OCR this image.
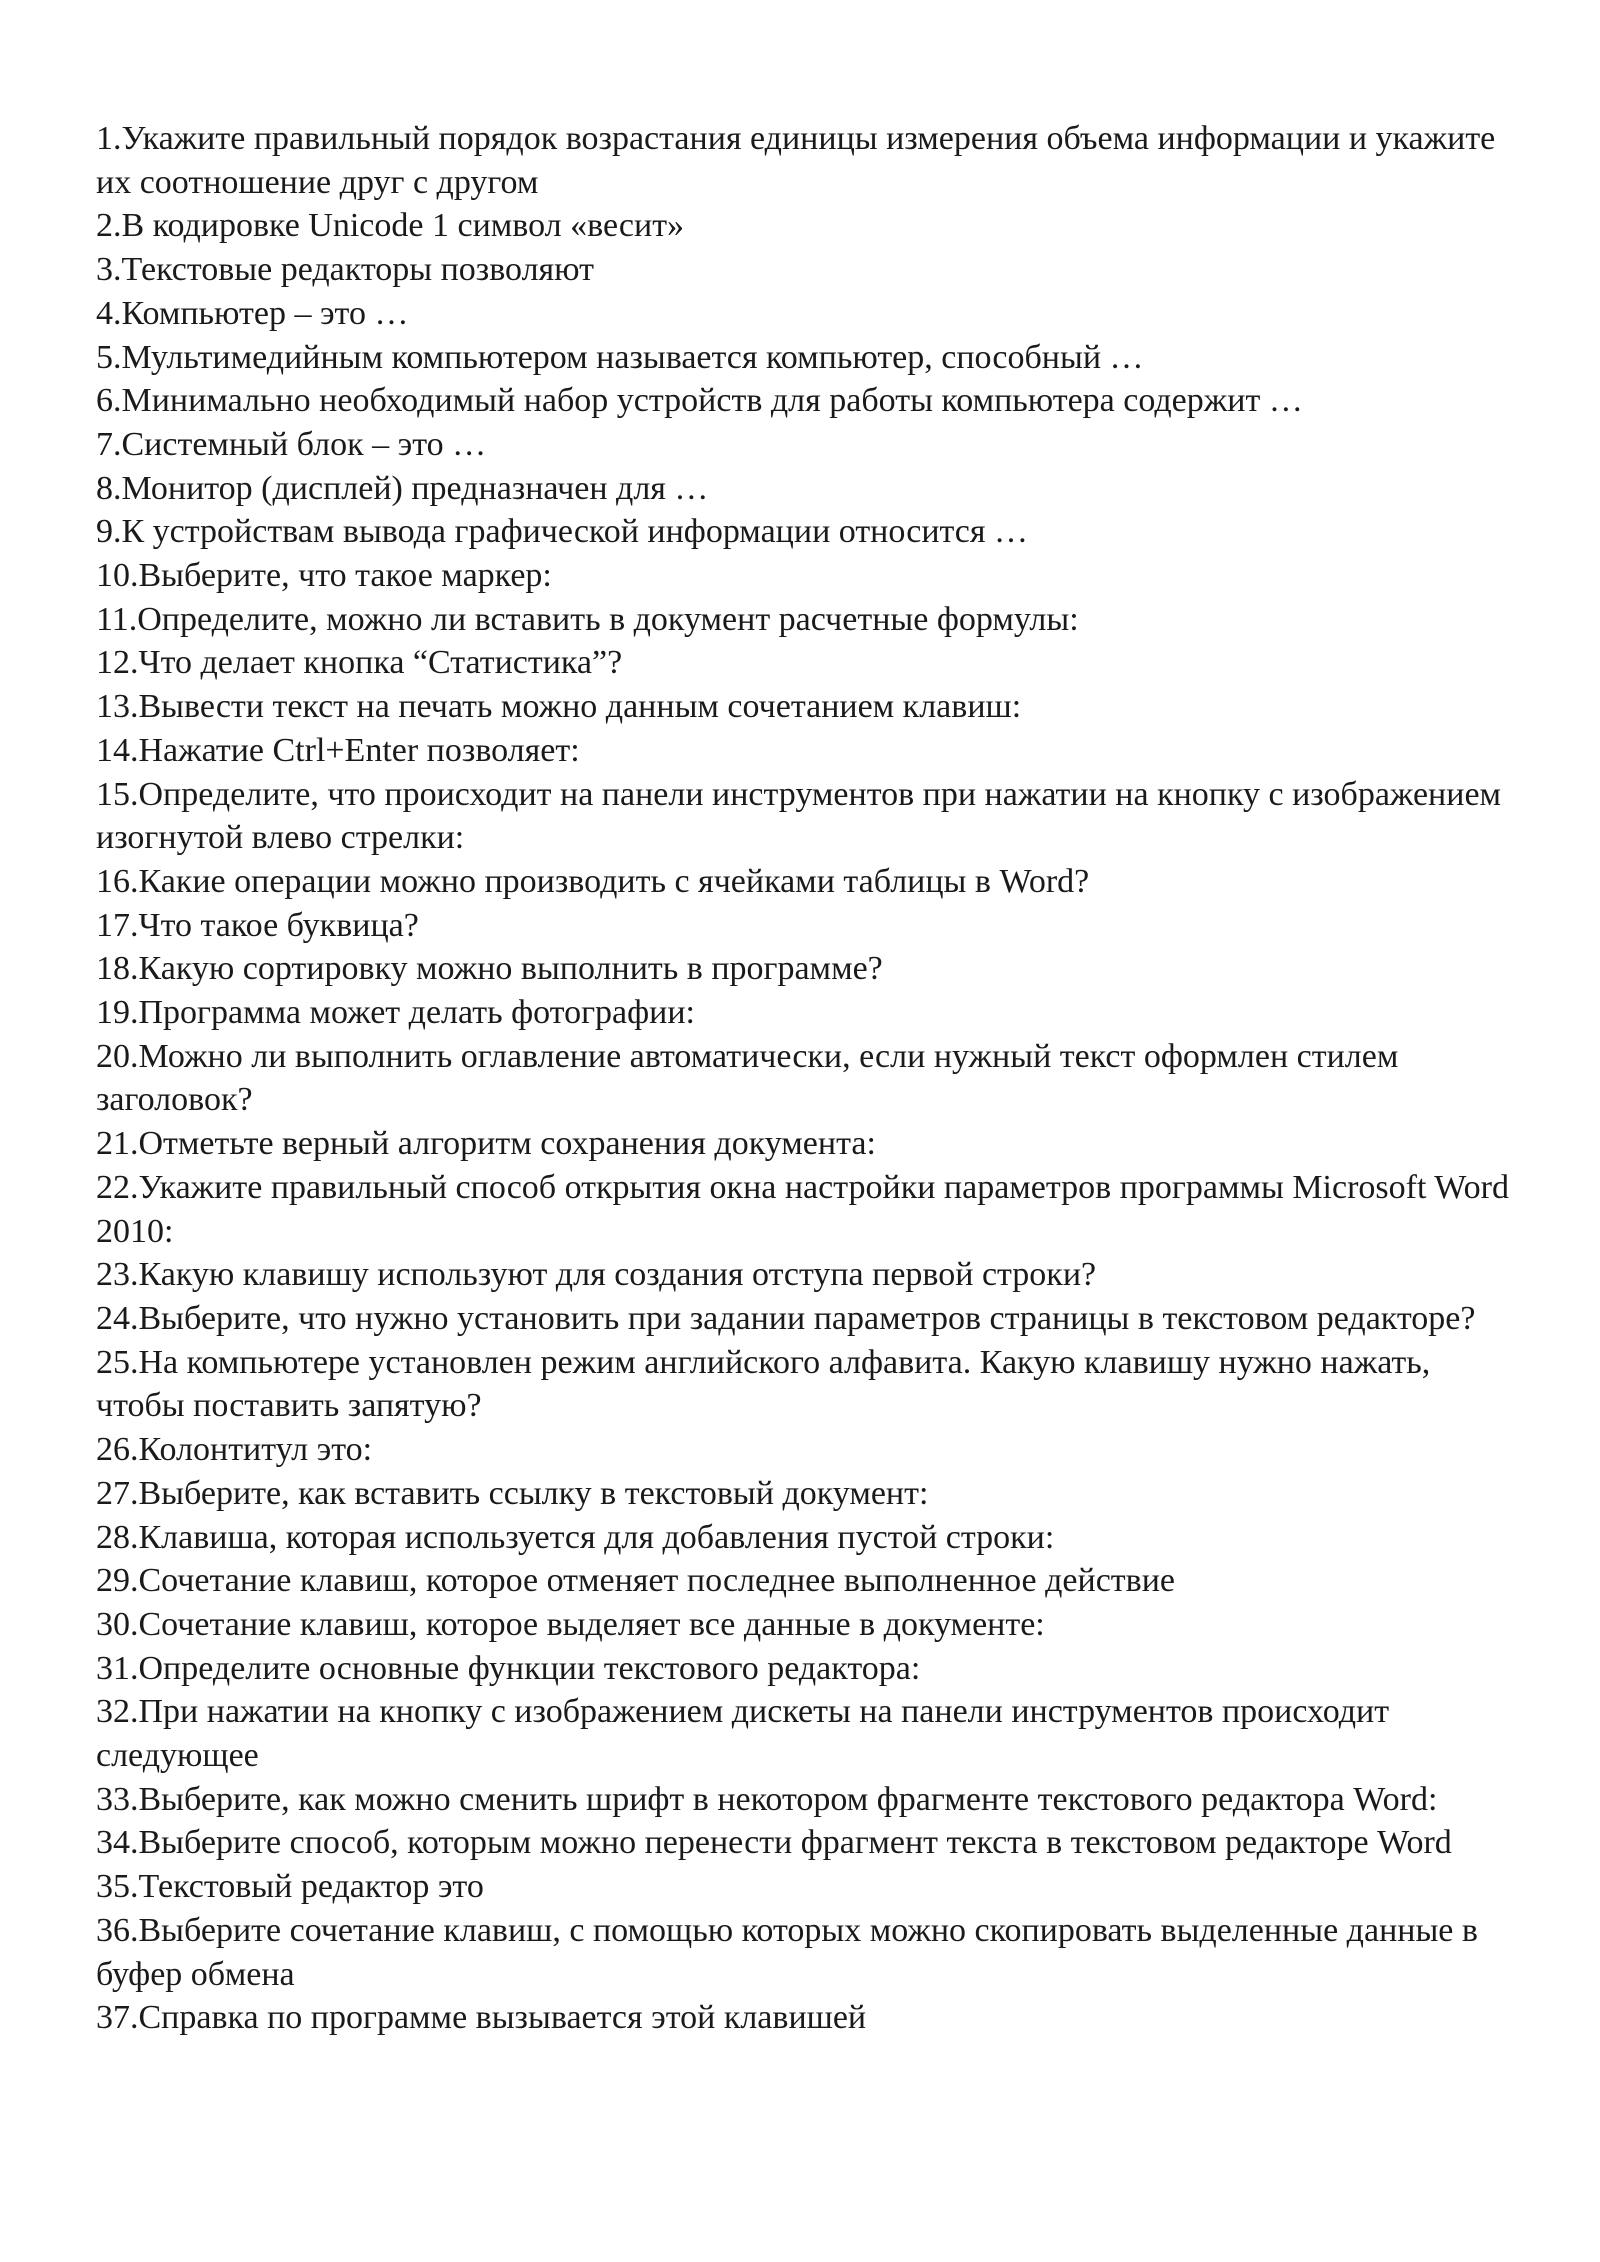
1.Укажите правильный порядок возрастания единицы измерения объема информации и укажите их соотношение друг с другом
2.В кодировке Unicode 1 символ «весит»
3.Текстовые редакторы позволяют
4.Компьютер – это …
5.Мультимедийным компьютером называется компьютер, способный …
6.Минимально необходимый набор устройств для работы компьютера содержит …
7.Системный блок – это …
8.Монитор (дисплей) предназначен для …
9.К устройствам вывода графической информации относится …
10.Выберите, что такое маркер:
11.Определите, можно ли вставить в документ расчетные формулы:
12.Что делает кнопка “Статистика”?
13.Вывести текст на печать можно данным сочетанием клавиш:
14.Нажатие Ctrl+Enter позволяет:
15.Определите, что происходит на панели инструментов при нажатии на кнопку с изображением изогнутой влево стрелки:
16.Какие операции можно производить с ячейками таблицы в Word?
17.Что такое буквица?
18.Какую сортировку можно выполнить в программе?
19.Программа может делать фотографии:
20.Можно ли выполнить оглавление автоматически, если нужный текст оформлен стилем заголовок?
21.Отметьте верный алгоритм сохранения документа:
22.Укажите правильный способ открытия окна настройки параметров программы Microsoft Word 2010:
23.Какую клавишу используют для создания отступа первой строки?
24.Выберите, что нужно установить при задании параметров страницы в текстовом редакторе?
25.На компьютере установлен режим английского алфавита. Какую клавишу нужно нажать, чтобы поставить запятую?
26.Колонтитул это:
27.Выберите, как вставить ссылку в текстовый документ:
28.Клавиша, которая используется для добавления пустой строки:
29.Сочетание клавиш, которое отменяет последнее выполненное действие
30.Сочетание клавиш, которое выделяет все данные в документе:
31.Определите основные функции текстового редактора:
32.При нажатии на кнопку с изображением дискеты на панели инструментов происходит следующее
33.Выберите, как можно сменить шрифт в некотором фрагменте текстового редактора Word:
34.Выберите способ, которым можно перенести фрагмент текста в текстовом редакторе Word
35.Текстовый редактор это
36.Выберите сочетание клавиш, с помощью которых можно скопировать выделенные данные в буфер обмена
37.Справка по программе вызывается этой клавишей
